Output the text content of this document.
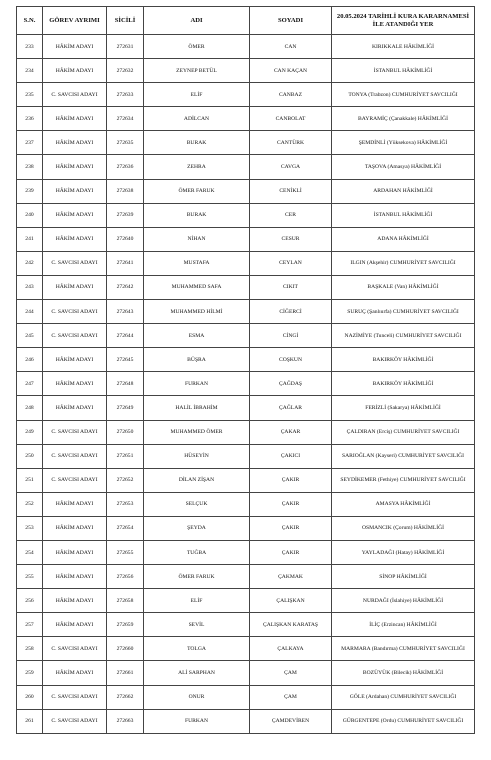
S.N.	GÖREV AYRIMI	SİCİLİ	ADI	SOYADI	20.05.2024 TARİHLİ KURA KARARNAMESİ İLE ATANDIĞI YER
233	HÂKİM ADAYI	272631	ÖMER	CAN	KIRIKKALE HÂKİMLİĞİ
234	HÂKİM ADAYI	272632	ZEYNEP BETÜL	CAN KAÇAN	İSTANBUL HÂKİMLİĞİ
235	C. SAVCISI ADAYI	272633	ELİF	CANBAZ	TONYA (Trabzon) CUMHURİYET SAVCILIĞI
236	HÂKİM ADAYI	272634	ADİLCAN	CANBOLAT	BAYRAMİÇ (Çanakkale) HÂKİMLİĞİ
237	HÂKİM ADAYI	272635	BURAK	CANTÜRK	ŞEMDİNLİ (Yüksekova) HÂKİMLİĞİ
238	HÂKİM ADAYI	272636	ZEHRA	CAVGA	TAŞOVA (Amasya) HÂKİMLİĞİ
239	HÂKİM ADAYI	272638	ÖMER FARUK	CENİKLİ	ARDAHAN HÂKİMLİĞİ
240	HÂKİM ADAYI	272639	BURAK	CER	İSTANBUL HÂKİMLİĞİ
241	HÂKİM ADAYI	272640	NİHAN	CESUR	ADANA HÂKİMLİĞİ
242	C. SAVCISI ADAYI	272641	MUSTAFA	CEYLAN	ILGIN (Akşehir) CUMHURİYET SAVCILIĞI
243	HÂKİM ADAYI	272642	MUHAMMED SAFA	CIKIT	BAŞKALE (Van) HÂKİMLİĞİ
244	C. SAVCISI ADAYI	272643	MUHAMMED HİLMİ	CİĞERCİ	SURUÇ (Şanlıurfa) CUMHURİYET SAVCILIĞI
245	C. SAVCISI ADAYI	272644	ESMA	CİNGİ	NAZİMİYE (Tunceli) CUMHURİYET SAVCILIĞI
246	HÂKİM ADAYI	272645	BÜŞRA	COŞKUN	BAKIRKÖY HÂKİMLİĞİ
247	HÂKİM ADAYI	272648	FURKAN	ÇAĞDAŞ	BAKIRKÖY HÂKİMLİĞİ
248	HÂKİM ADAYI	272649	HALİL İBRAHİM	ÇAĞLAR	FERİZLİ (Sakarya) HÂKİMLİĞİ
249	C. SAVCISI ADAYI	272650	MUHAMMED ÖMER	ÇAKAR	ÇALDIRAN (Erciş) CUMHURİYET SAVCILIĞI
250	C. SAVCISI ADAYI	272651	HÜSEYİN	ÇAKICI	SARIOĞLAN (Kayseri) CUMHURİYET SAVCILIĞI
251	C. SAVCISI ADAYI	272652	DİLAN ZİŞAN	ÇAKIR	SEYDİKEMER (Fethiye) CUMHURİYET SAVCILIĞI
252	HÂKİM ADAYI	272653	SELÇUK	ÇAKIR	AMASYA HÂKİMLİĞİ
253	HÂKİM ADAYI	272654	ŞEYDA	ÇAKIR	OSMANCIK (Çorum) HÂKİMLİĞİ
254	HÂKİM ADAYI	272655	TUĞBA	ÇAKIR	YAYLADAĞI (Hatay) HÂKİMLİĞİ
255	HÂKİM ADAYI	272656	ÖMER FARUK	ÇAKMAK	SİNOP HÂKİMLİĞİ
256	HÂKİM ADAYI	272658	ELİF	ÇALIŞKAN	NURDAĞI (İslahiye) HÂKİMLİĞİ
257	HÂKİM ADAYI	272659	SEVİL	ÇALIŞKAN KARATAŞ	İLİÇ (Erzincan) HÂKİMLİĞİ
258	C. SAVCISI ADAYI	272660	TOLGA	ÇALKAYA	MARMARA (Bandırma) CUMHURİYET SAVCILIĞI
259	HÂKİM ADAYI	272661	ALİ SARPHAN	ÇAM	BOZÜYÜK (Bilecik) HÂKİMLİĞİ
260	C. SAVCISI ADAYI	272662	ONUR	ÇAM	GÖLE (Ardahan) CUMHURİYET SAVCILIĞI
261	C. SAVCISI ADAYI	272663	FURKAN	ÇAMDEVİREN	GÜRGENTEPE (Ordu) CUMHURİYET SAVCILIĞI
